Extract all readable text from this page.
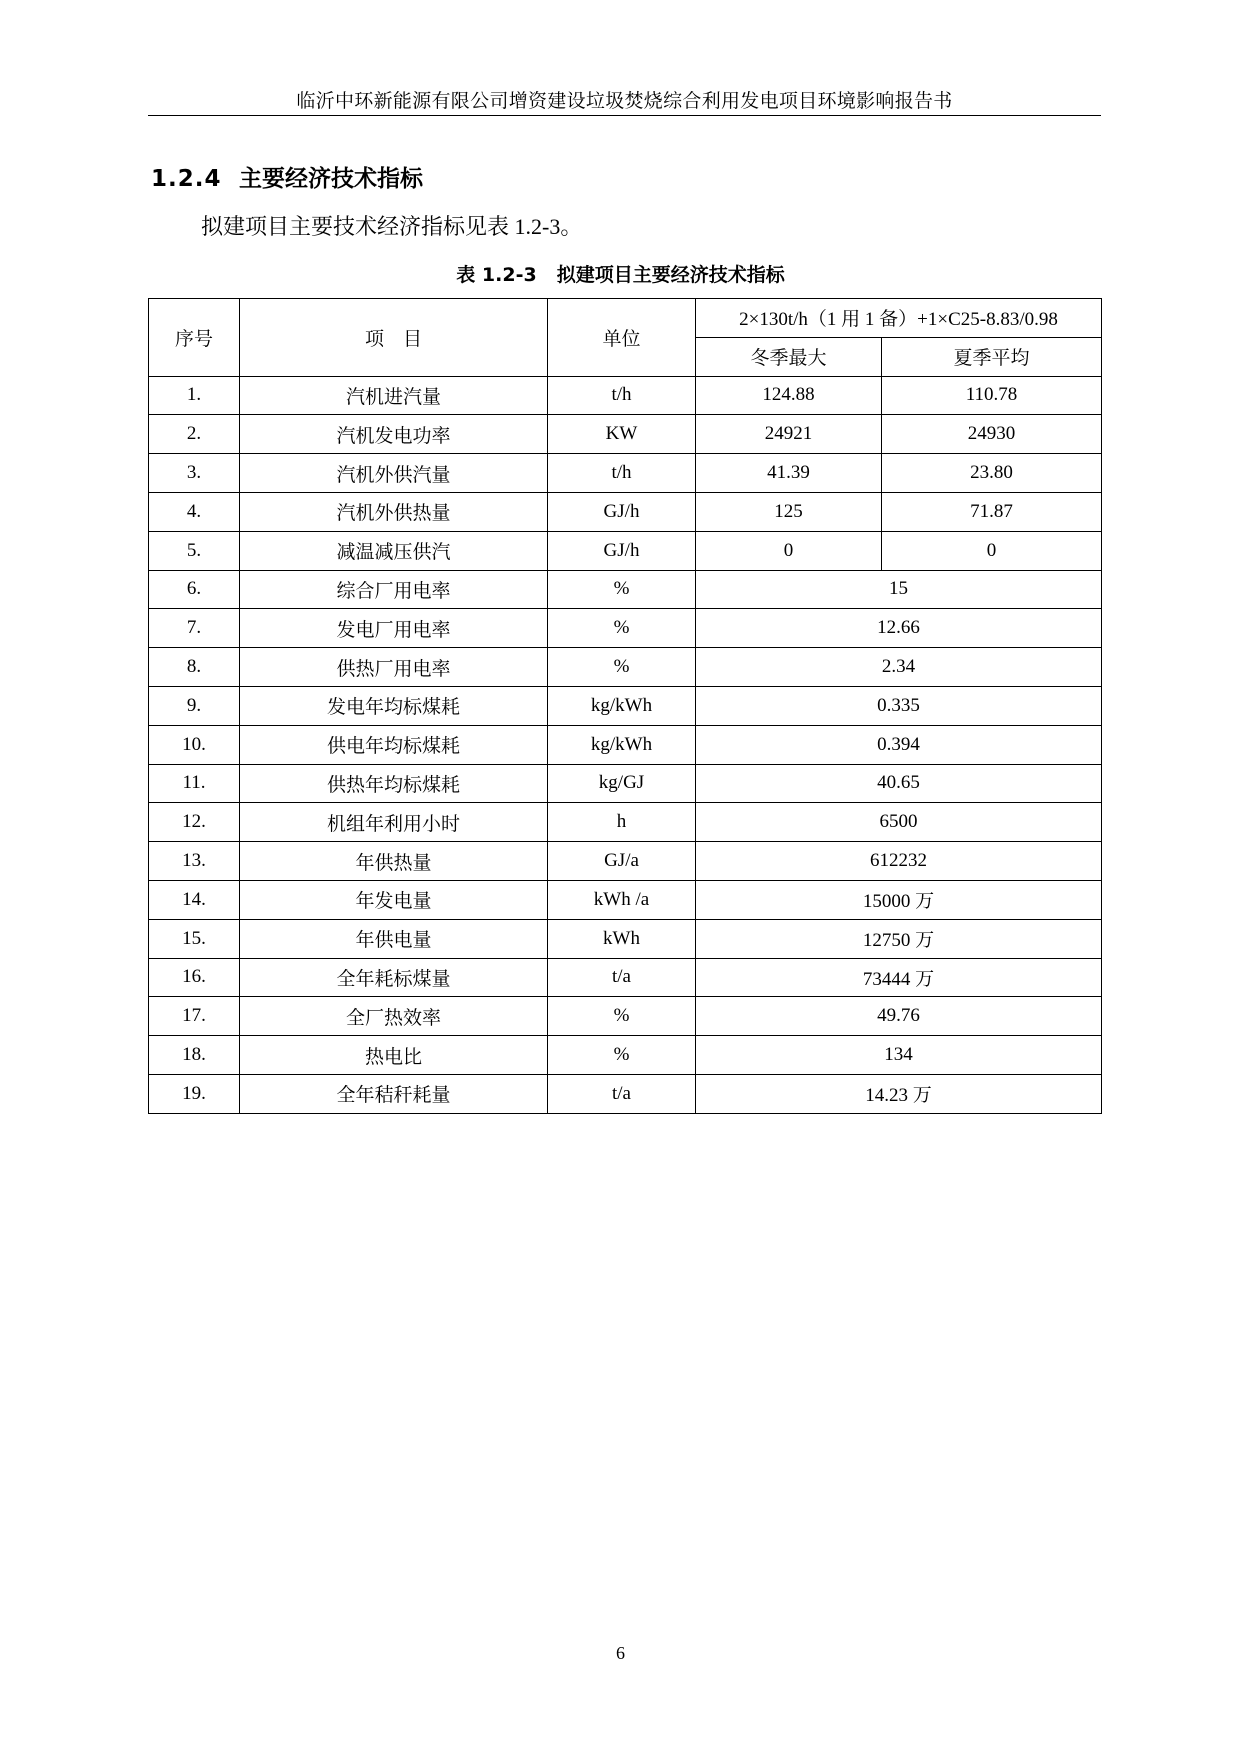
临沂中环新能源有限公司增资建设垃圾焚烧综合利用发电项目环境影响报告书
1.2.4 主要经济技术指标
拟建项目主要技术经济指标见表 1.2-3。
表 1.2-3 拟建项目主要经济技术指标
序号	项　目	单位	2×130t/h（1 用 1 备）+1×C25-8.83/0.98	
			冬季最大	夏季平均
1.	汽机进汽量	t/h	124.88	110.78
2.	汽机发电功率	KW	24921	24930
3.	汽机外供汽量	t/h	41.39	23.80
4.	汽机外供热量	GJ/h	125	71.87
5.	减温减压供汽	GJ/h	0	0
6.	综合厂用电率	%	15	
7.	发电厂用电率	%	12.66	
8.	供热厂用电率	%	2.34	
9.	发电年均标煤耗	kg/kWh	0.335	
10.	供电年均标煤耗	kg/kWh	0.394	
11.	供热年均标煤耗	kg/GJ	40.65	
12.	机组年利用小时	h	6500	
13.	年供热量	GJ/a	612232	
14.	年发电量	kWh /a	15000 万	
15.	年供电量	kWh	12750 万	
16.	全年耗标煤量	t/a	73444 万	
17.	全厂热效率	%	49.76	
18.	热电比	%	134	
19.	全年秸秆耗量	t/a	14.23 万	
6
